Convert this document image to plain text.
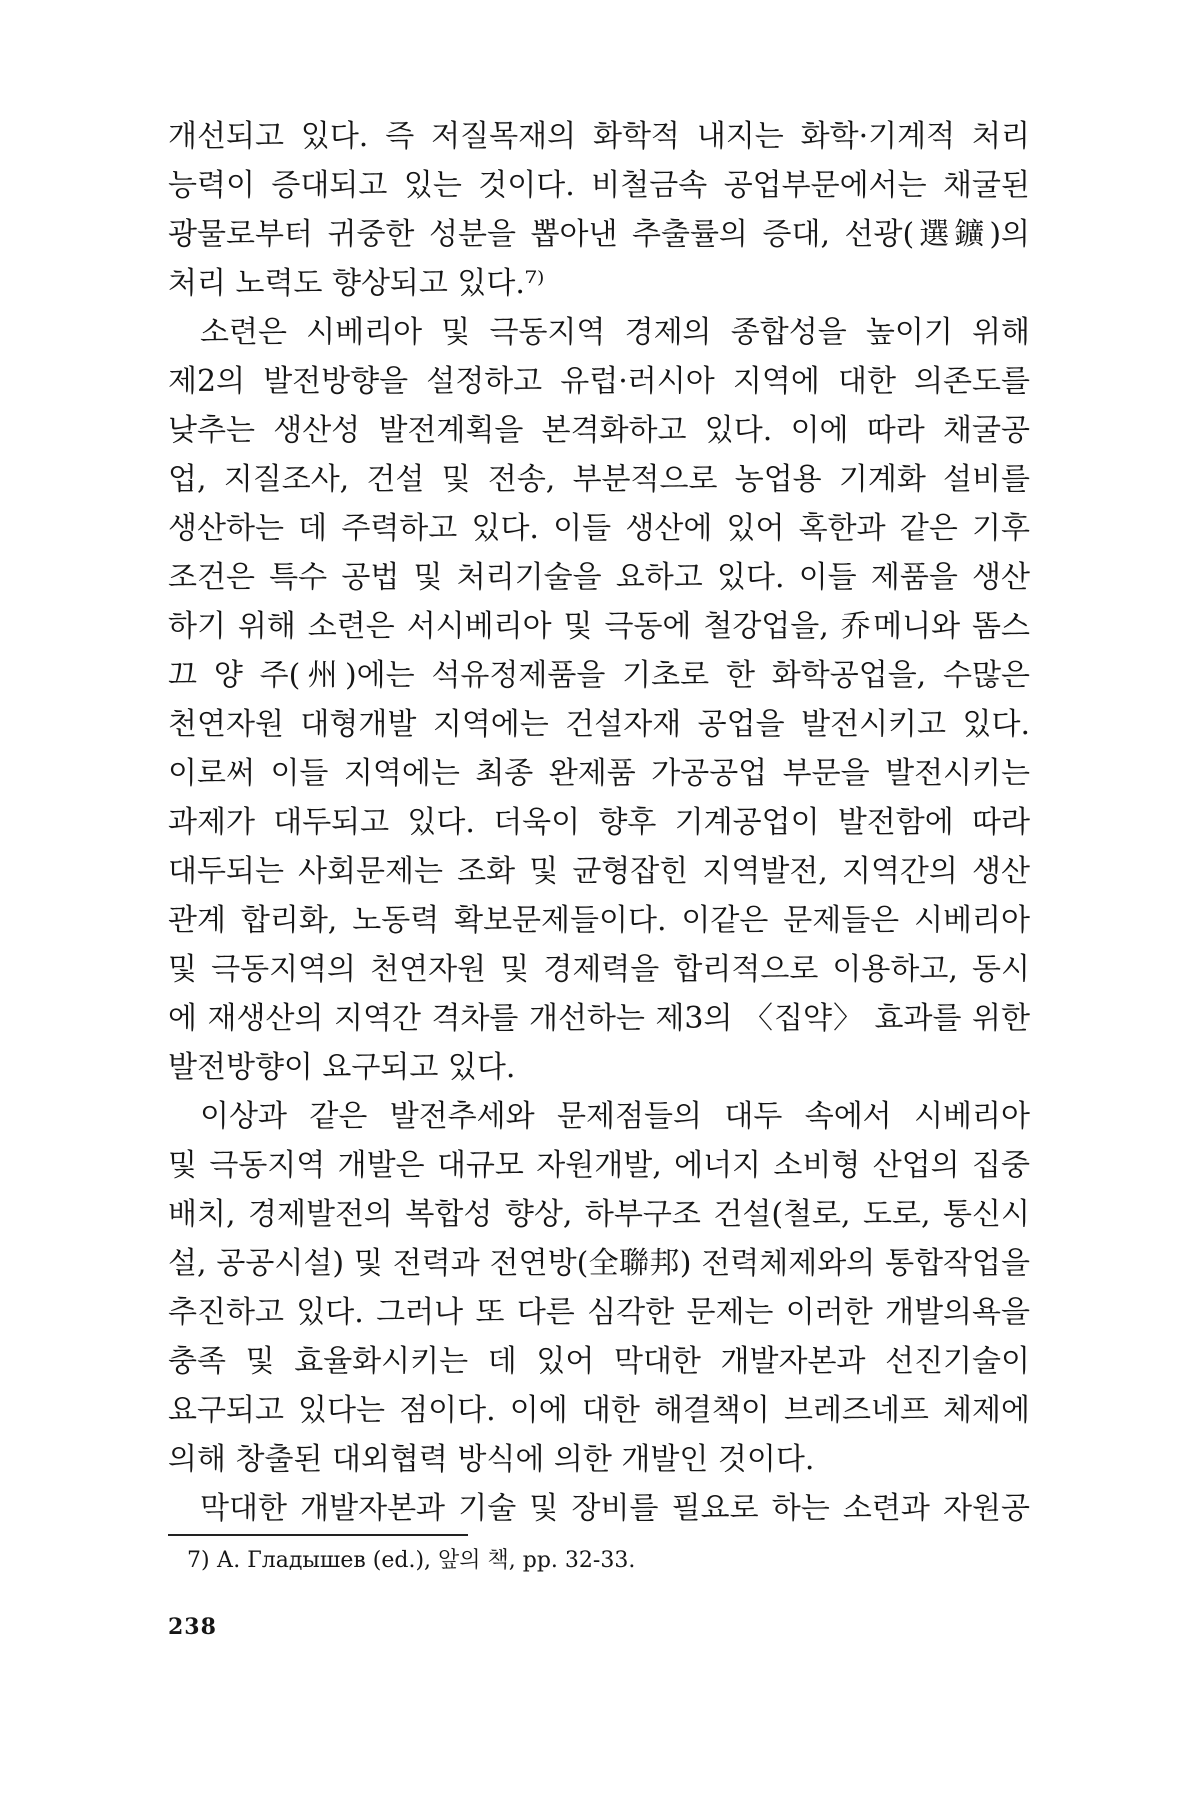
개선되고 있다. 즉 저질목재의 화학적 내지는 화학·기계적 처리
능력이 증대되고 있는 것이다. 비철금속 공업부문에서는 채굴된
광물로부터 귀중한 성분을 뽑아낸 추출률의 증대, 선광(選鑛)의
처리 노력도 향상되고 있다.⁷⁾
소련은 시베리아 및 극동지역 경제의 종합성을 높이기 위해
제2의 발전방향을 설정하고 유럽·러시아 지역에 대한 의존도를
낮추는 생산성 발전계획을 본격화하고 있다. 이에 따라 채굴공
업, 지질조사, 건설 및 전송, 부분적으로 농업용 기계화 설비를
생산하는 데 주력하고 있다. 이들 생산에 있어 혹한과 같은 기후
조건은 특수 공법 및 처리기술을 요하고 있다. 이들 제품을 생산
하기 위해 소련은 서시베리아 및 극동에 철강업을, 乔메니와 똠스
끄 양 주(州)에는 석유정제품을 기초로 한 화학공업을, 수많은
천연자원 대형개발 지역에는 건설자재 공업을 발전시키고 있다.
이로써 이들 지역에는 최종 완제품 가공공업 부문을 발전시키는
과제가 대두되고 있다. 더욱이 향후 기계공업이 발전함에 따라
대두되는 사회문제는 조화 및 균형잡힌 지역발전, 지역간의 생산
관계 합리화, 노동력 확보문제들이다. 이같은 문제들은 시베리아
및 극동지역의 천연자원 및 경제력을 합리적으로 이용하고, 동시
에 재생산의 지역간 격차를 개선하는 제3의 〈집약〉 효과를 위한
발전방향이 요구되고 있다.
이상과 같은 발전추세와 문제점들의 대두 속에서 시베리아
및 극동지역 개발은 대규모 자원개발, 에너지 소비형 산업의 집중
배치, 경제발전의 복합성 향상, 하부구조 건설(철로, 도로, 통신시
설, 공공시설) 및 전력과 전연방(全聯邦) 전력체제와의 통합작업을
추진하고 있다. 그러나 또 다른 심각한 문제는 이러한 개발의욕을
충족 및 효율화시키는 데 있어 막대한 개발자본과 선진기술이
요구되고 있다는 점이다. 이에 대한 해결책이 브레즈네프 체제에
의해 창출된 대외협력 방식에 의한 개발인 것이다.
막대한 개발자본과 기술 및 장비를 필요로 하는 소련과 자원공
7) А. Гладышев (ed.), 앞의 책, pp. 32-33.
238
